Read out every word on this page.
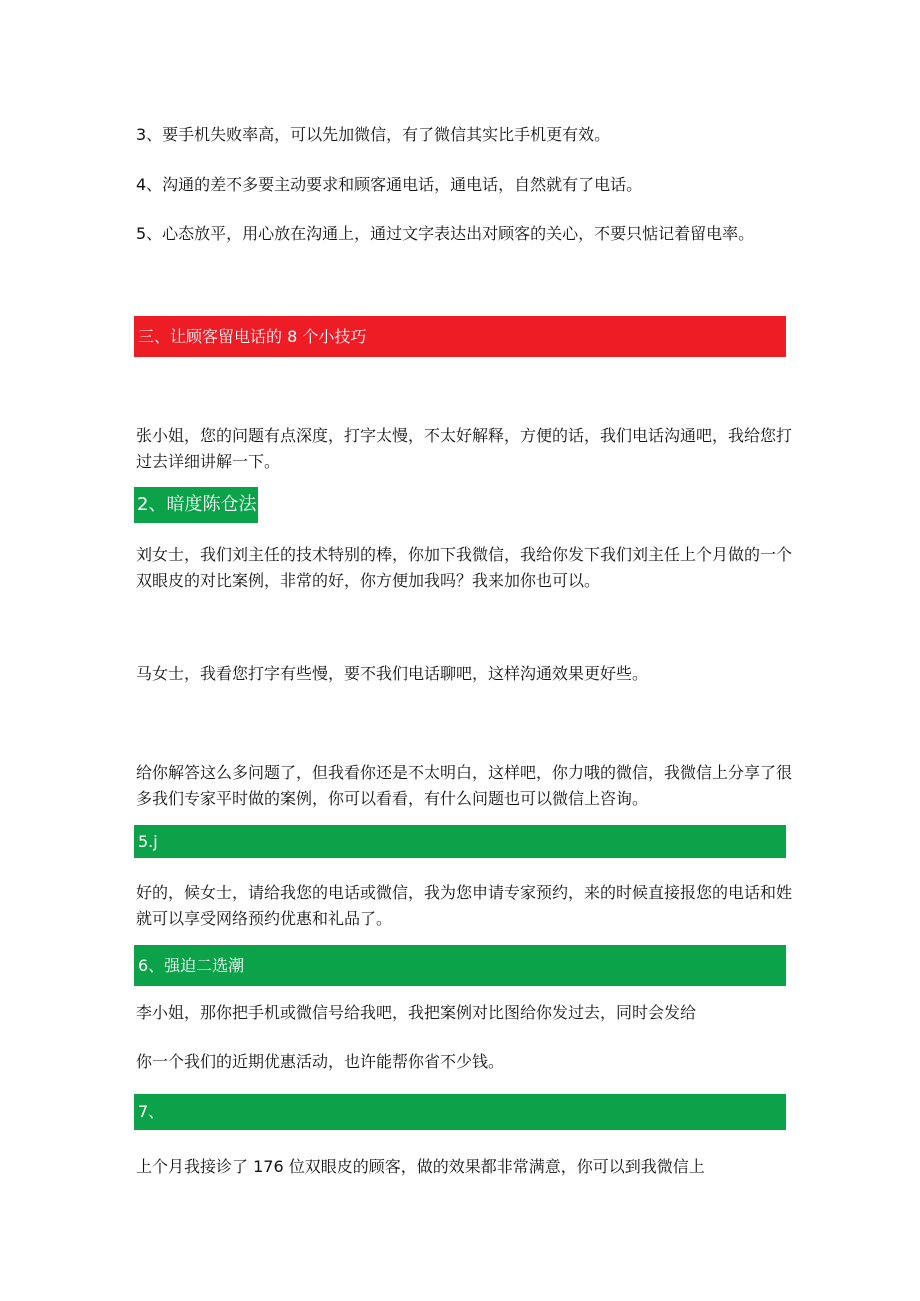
3、要手机失败率高，可以先加微信，有了微信其实比手机更有效。
4、沟通的差不多要主动要求和顾客通电话，通电话，自然就有了电话。
5、心态放平，用心放在沟通上，通过文字表达出对顾客的关心，不要只惦记着留电率。
三、让顾客留电话的 8 个小技巧
张小姐，您的问题有点深度，打字太慢，不太好解释，方便的话，我们电话沟通吧，我给您打过去详细讲解一下。
2、暗度陈仓法
刘女士，我们刘主任的技术特别的棒，你加下我微信，我给你发下我们刘主任上个月做的一个双眼皮的对比案例，非常的好，你方便加我吗？我来加你也可以。
马女士，我看您打字有些慢，要不我们电话聊吧，这样沟通效果更好些。
给你解答这么多问题了，但我看你还是不太明白，这样吧，你力哦的微信，我微信上分享了很多我们专家平时做的案例，你可以看看，有什么问题也可以微信上咨询。
5.j
好的，候女士，请给我您的电话或微信，我为您申请专家预约，来的时候直接报您的电话和姓就可以享受网络预约优惠和礼品了。
6、强迫二选潮
李小姐，那你把手机或微信号给我吧，我把案例对比图给你发过去，同时会发给
你一个我们的近期优惠活动，也许能帮你省不少钱。
7、
上个月我接诊了 176 位双眼皮的顾客，做的效果都非常满意，你可以到我微信上
